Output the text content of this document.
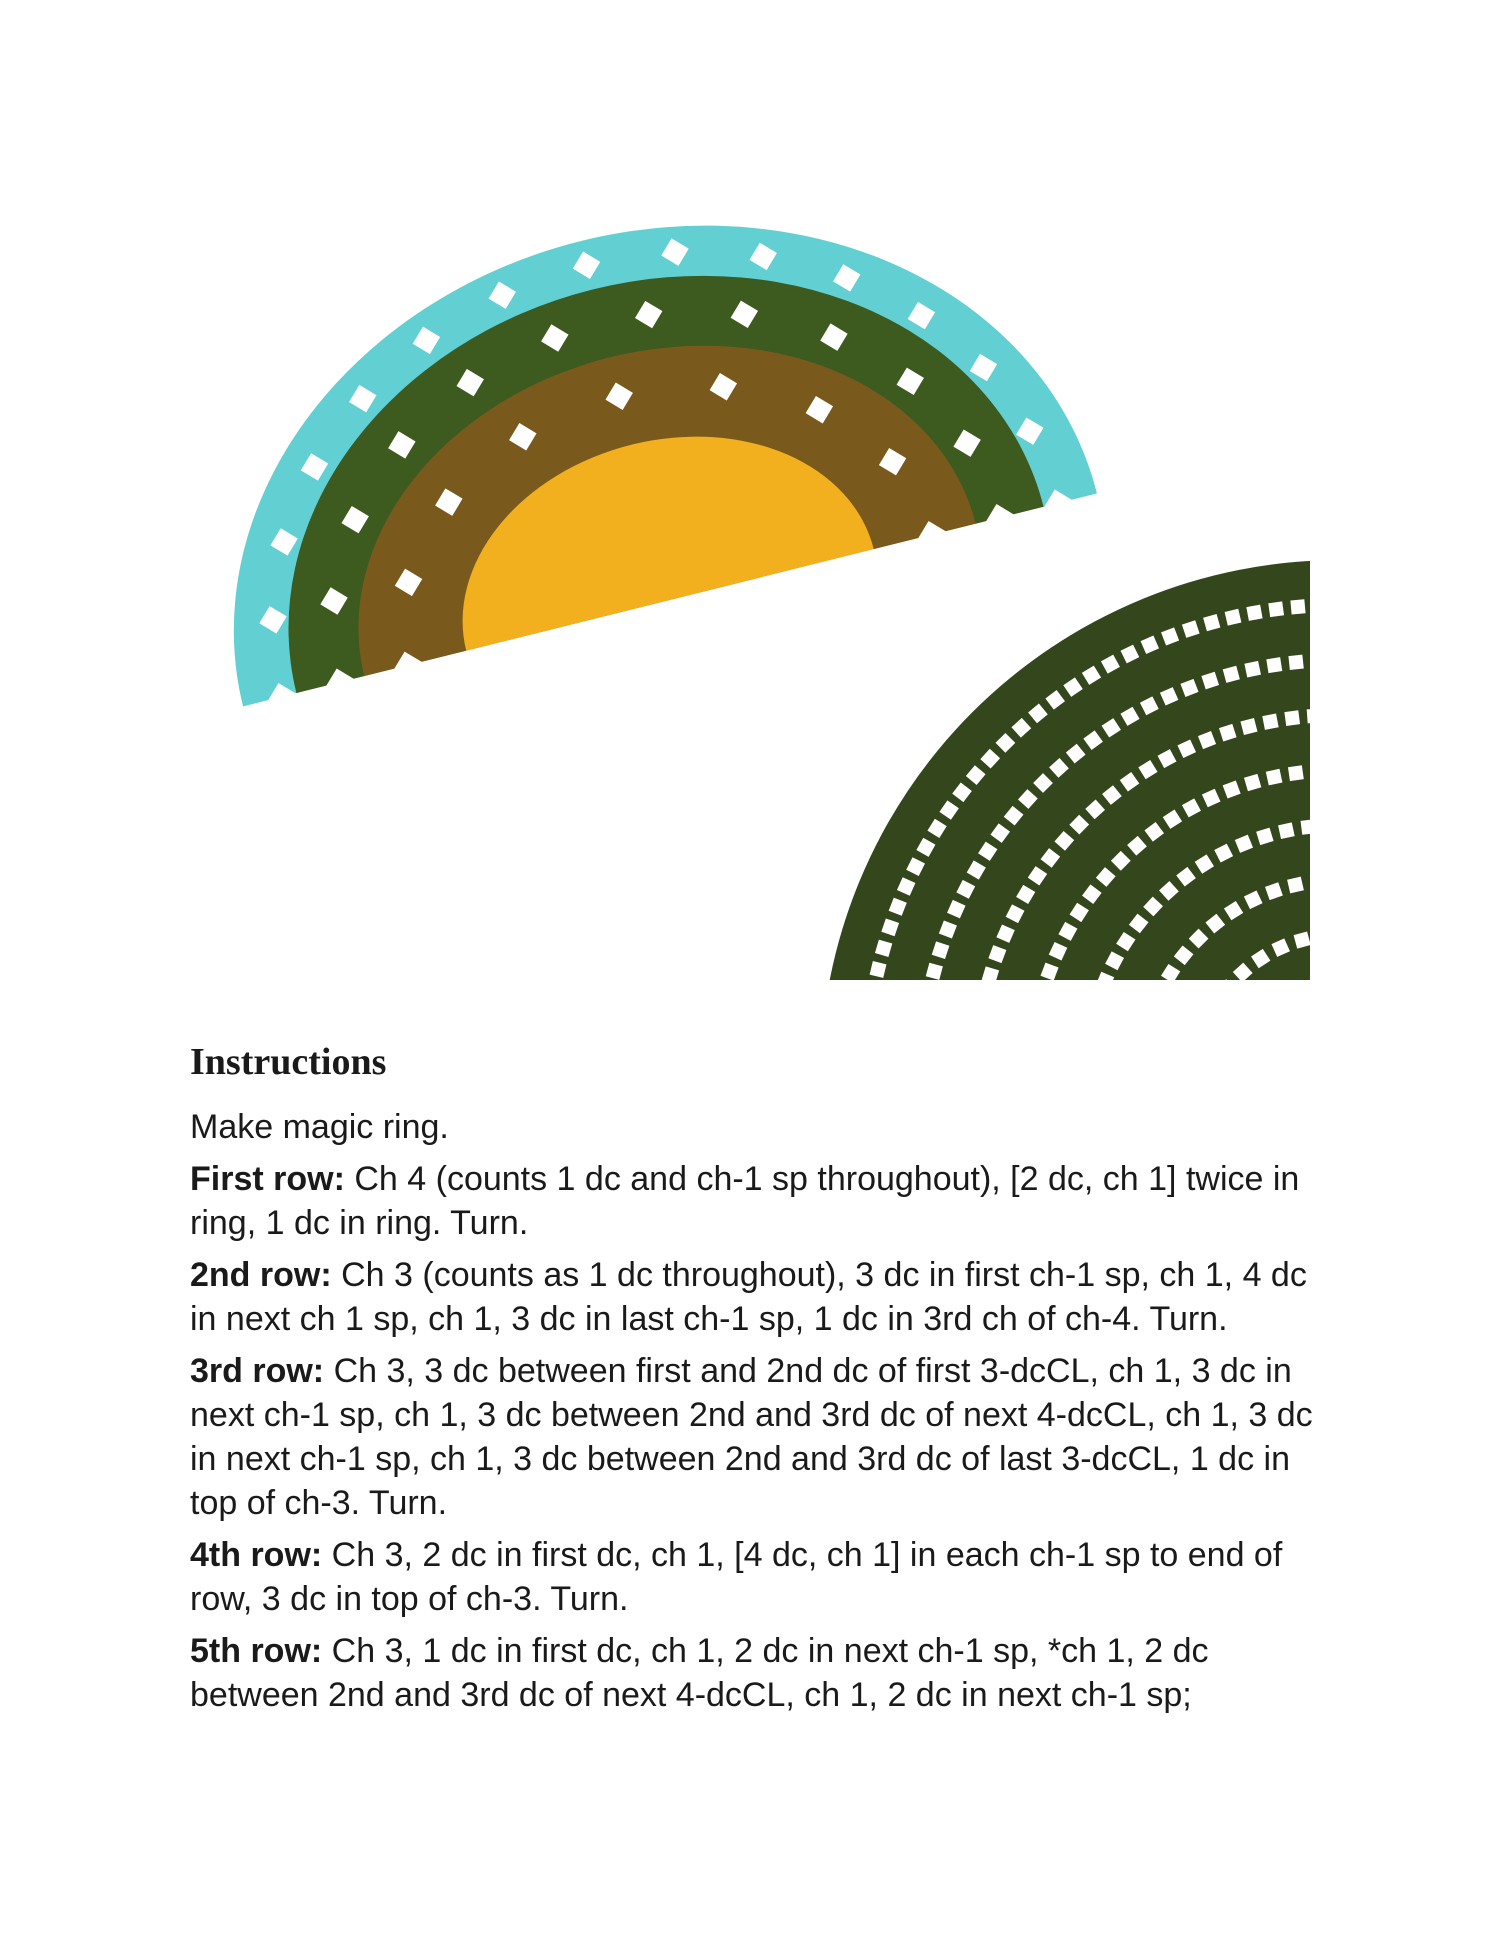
Instructions

Make magic ring.

First row: Ch 4 (counts 1 dc and ch-1 sp throughout), [2 dc, ch 1] twice in ring, 1 dc in ring. Turn.

2nd row: Ch 3 (counts as 1 dc throughout), 3 dc in first ch-1 sp, ch 1, 4 dc in next ch 1 sp, ch 1, 3 dc in last ch-1 sp, 1 dc in 3rd ch of ch-4. Turn.

3rd row: Ch 3, 3 dc between first and 2nd dc of first 3-dcCL, ch 1, 3 dc in next ch-1 sp, ch 1, 3 dc between 2nd and 3rd dc of next 4-dcCL, ch 1, 3 dc in next ch-1 sp, ch 1, 3 dc between 2nd and 3rd dc of last 3-dcCL, 1 dc in top of ch-3. Turn.

4th row: Ch 3, 2 dc in first dc, ch 1, [4 dc, ch 1] in each ch-1 sp to end of row, 3 dc in top of ch-3. Turn.

5th row: Ch 3, 1 dc in first dc, ch 1, 2 dc in next ch-1 sp, *ch 1, 2 dc between 2nd and 3rd dc of next 4-dcCL, ch 1, 2 dc in next ch-1 sp;
